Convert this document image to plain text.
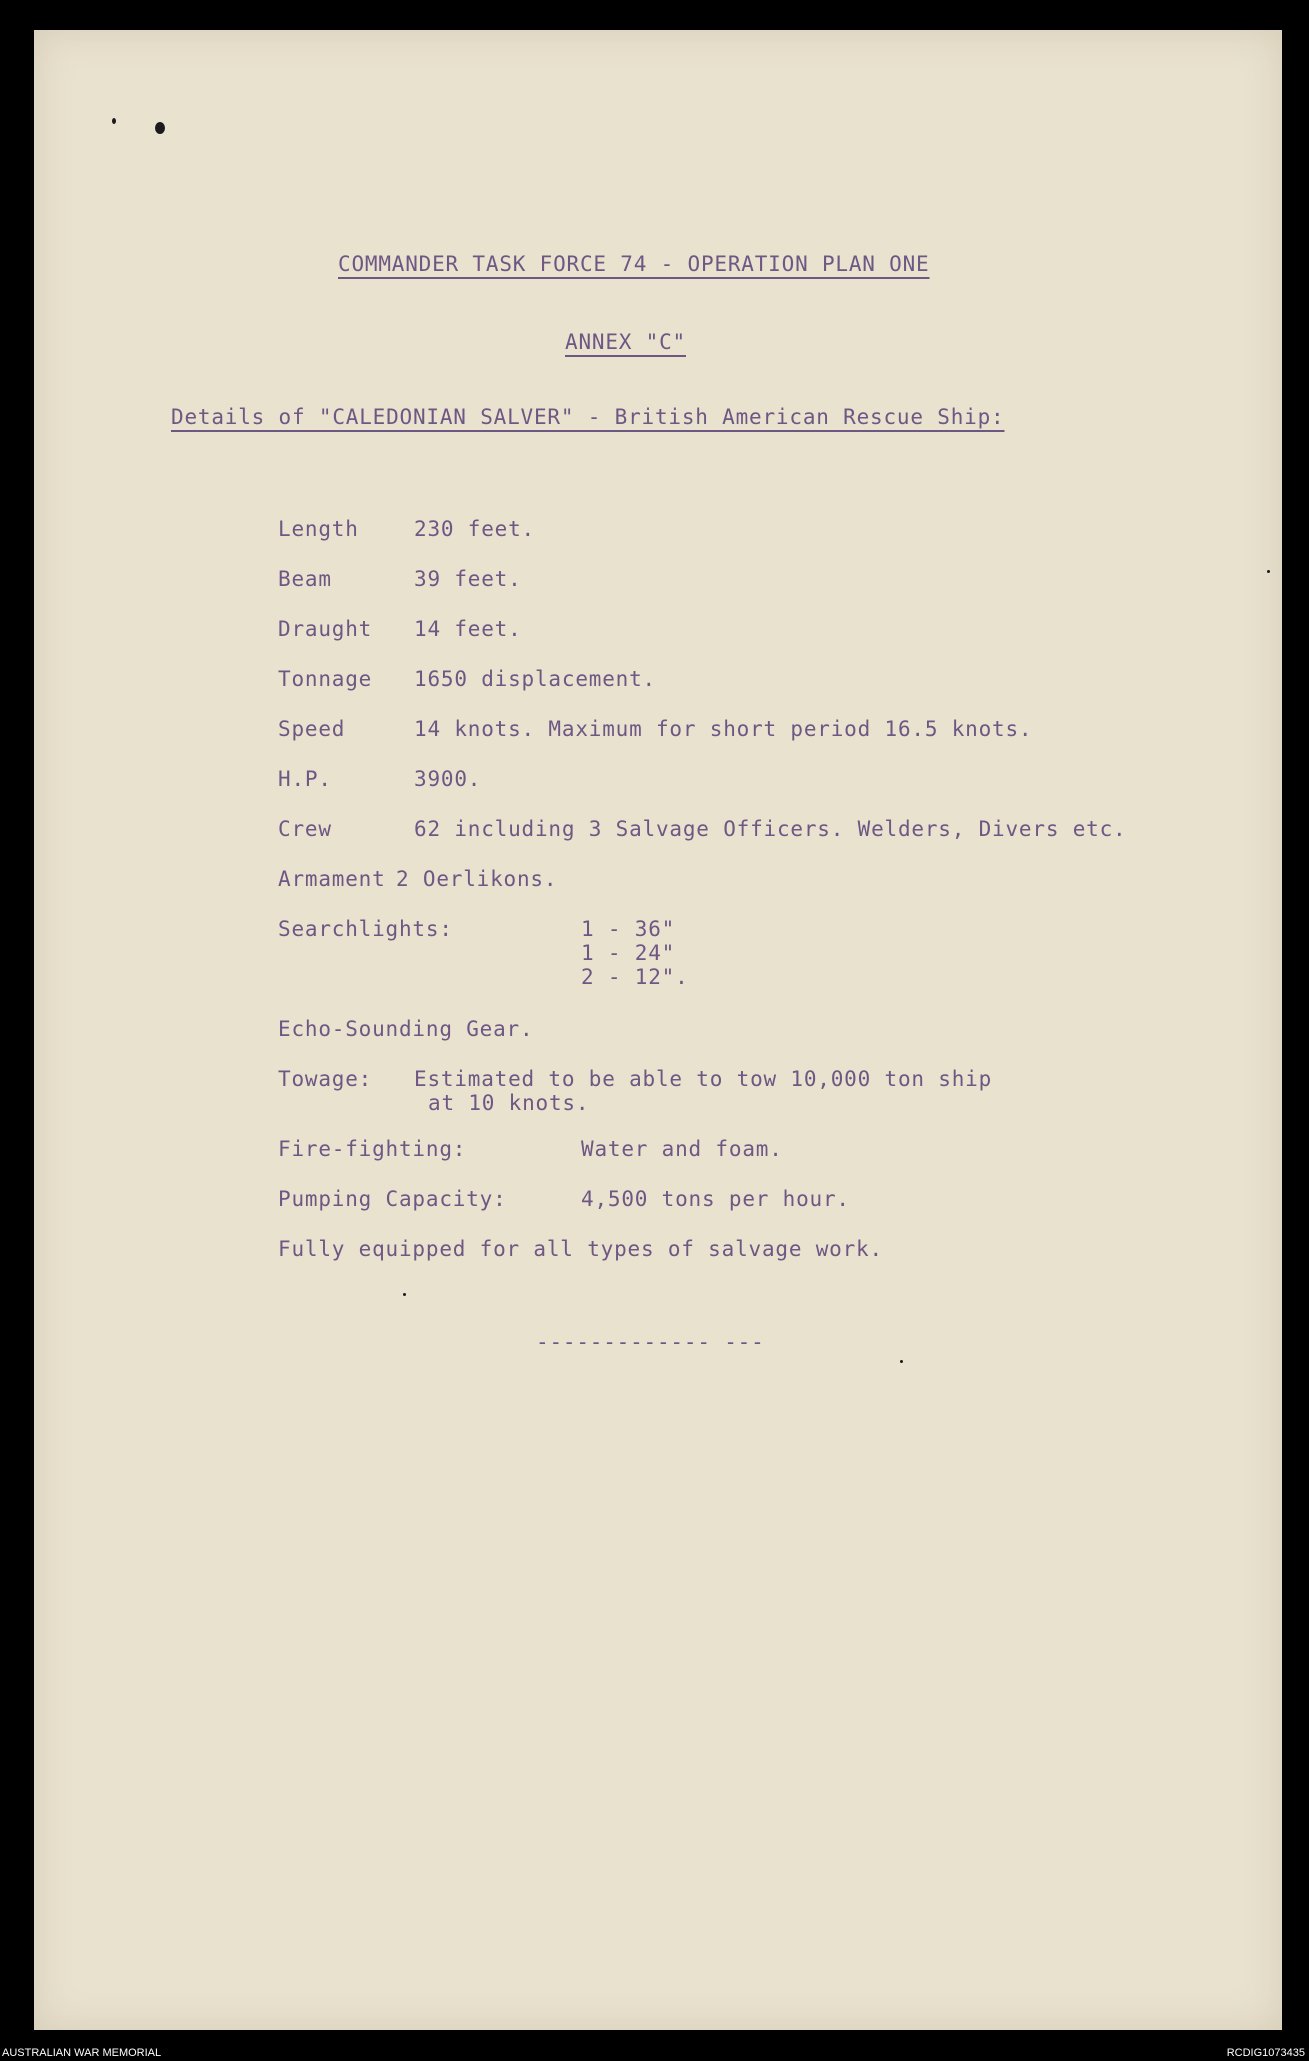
COMMANDER TASK FORCE 74 - OPERATION PLAN ONE
ANNEX "C"
Details of "CALEDONIAN SALVER" - British American Rescue Ship:
Length	230 feet.
Beam	39 feet.
Draught 14 feet.
Tonnage 1650 displacement.
Speed	14 knots. Maximum for short period 16.5 knots.
H.P.	3900.
Crew	62 including 3 Salvage Officers. Welders, Divers etc.
Armament 2 Oerlikons.
Searchlights:	1 - 36"
1 - 24"
2 - 12".
Echo-Sounding Gear.
Towage: Estimated to be able to tow 10,000 ton ship
at 10 knots.
Fire-fighting:	Water and foam.
Pumping Capacity:	4,500 tons per hour.
Fully equipped for all types of salvage work.
------------- ---
AUSTRALIAN WAR MEMORIAL	RCDIG1073435
